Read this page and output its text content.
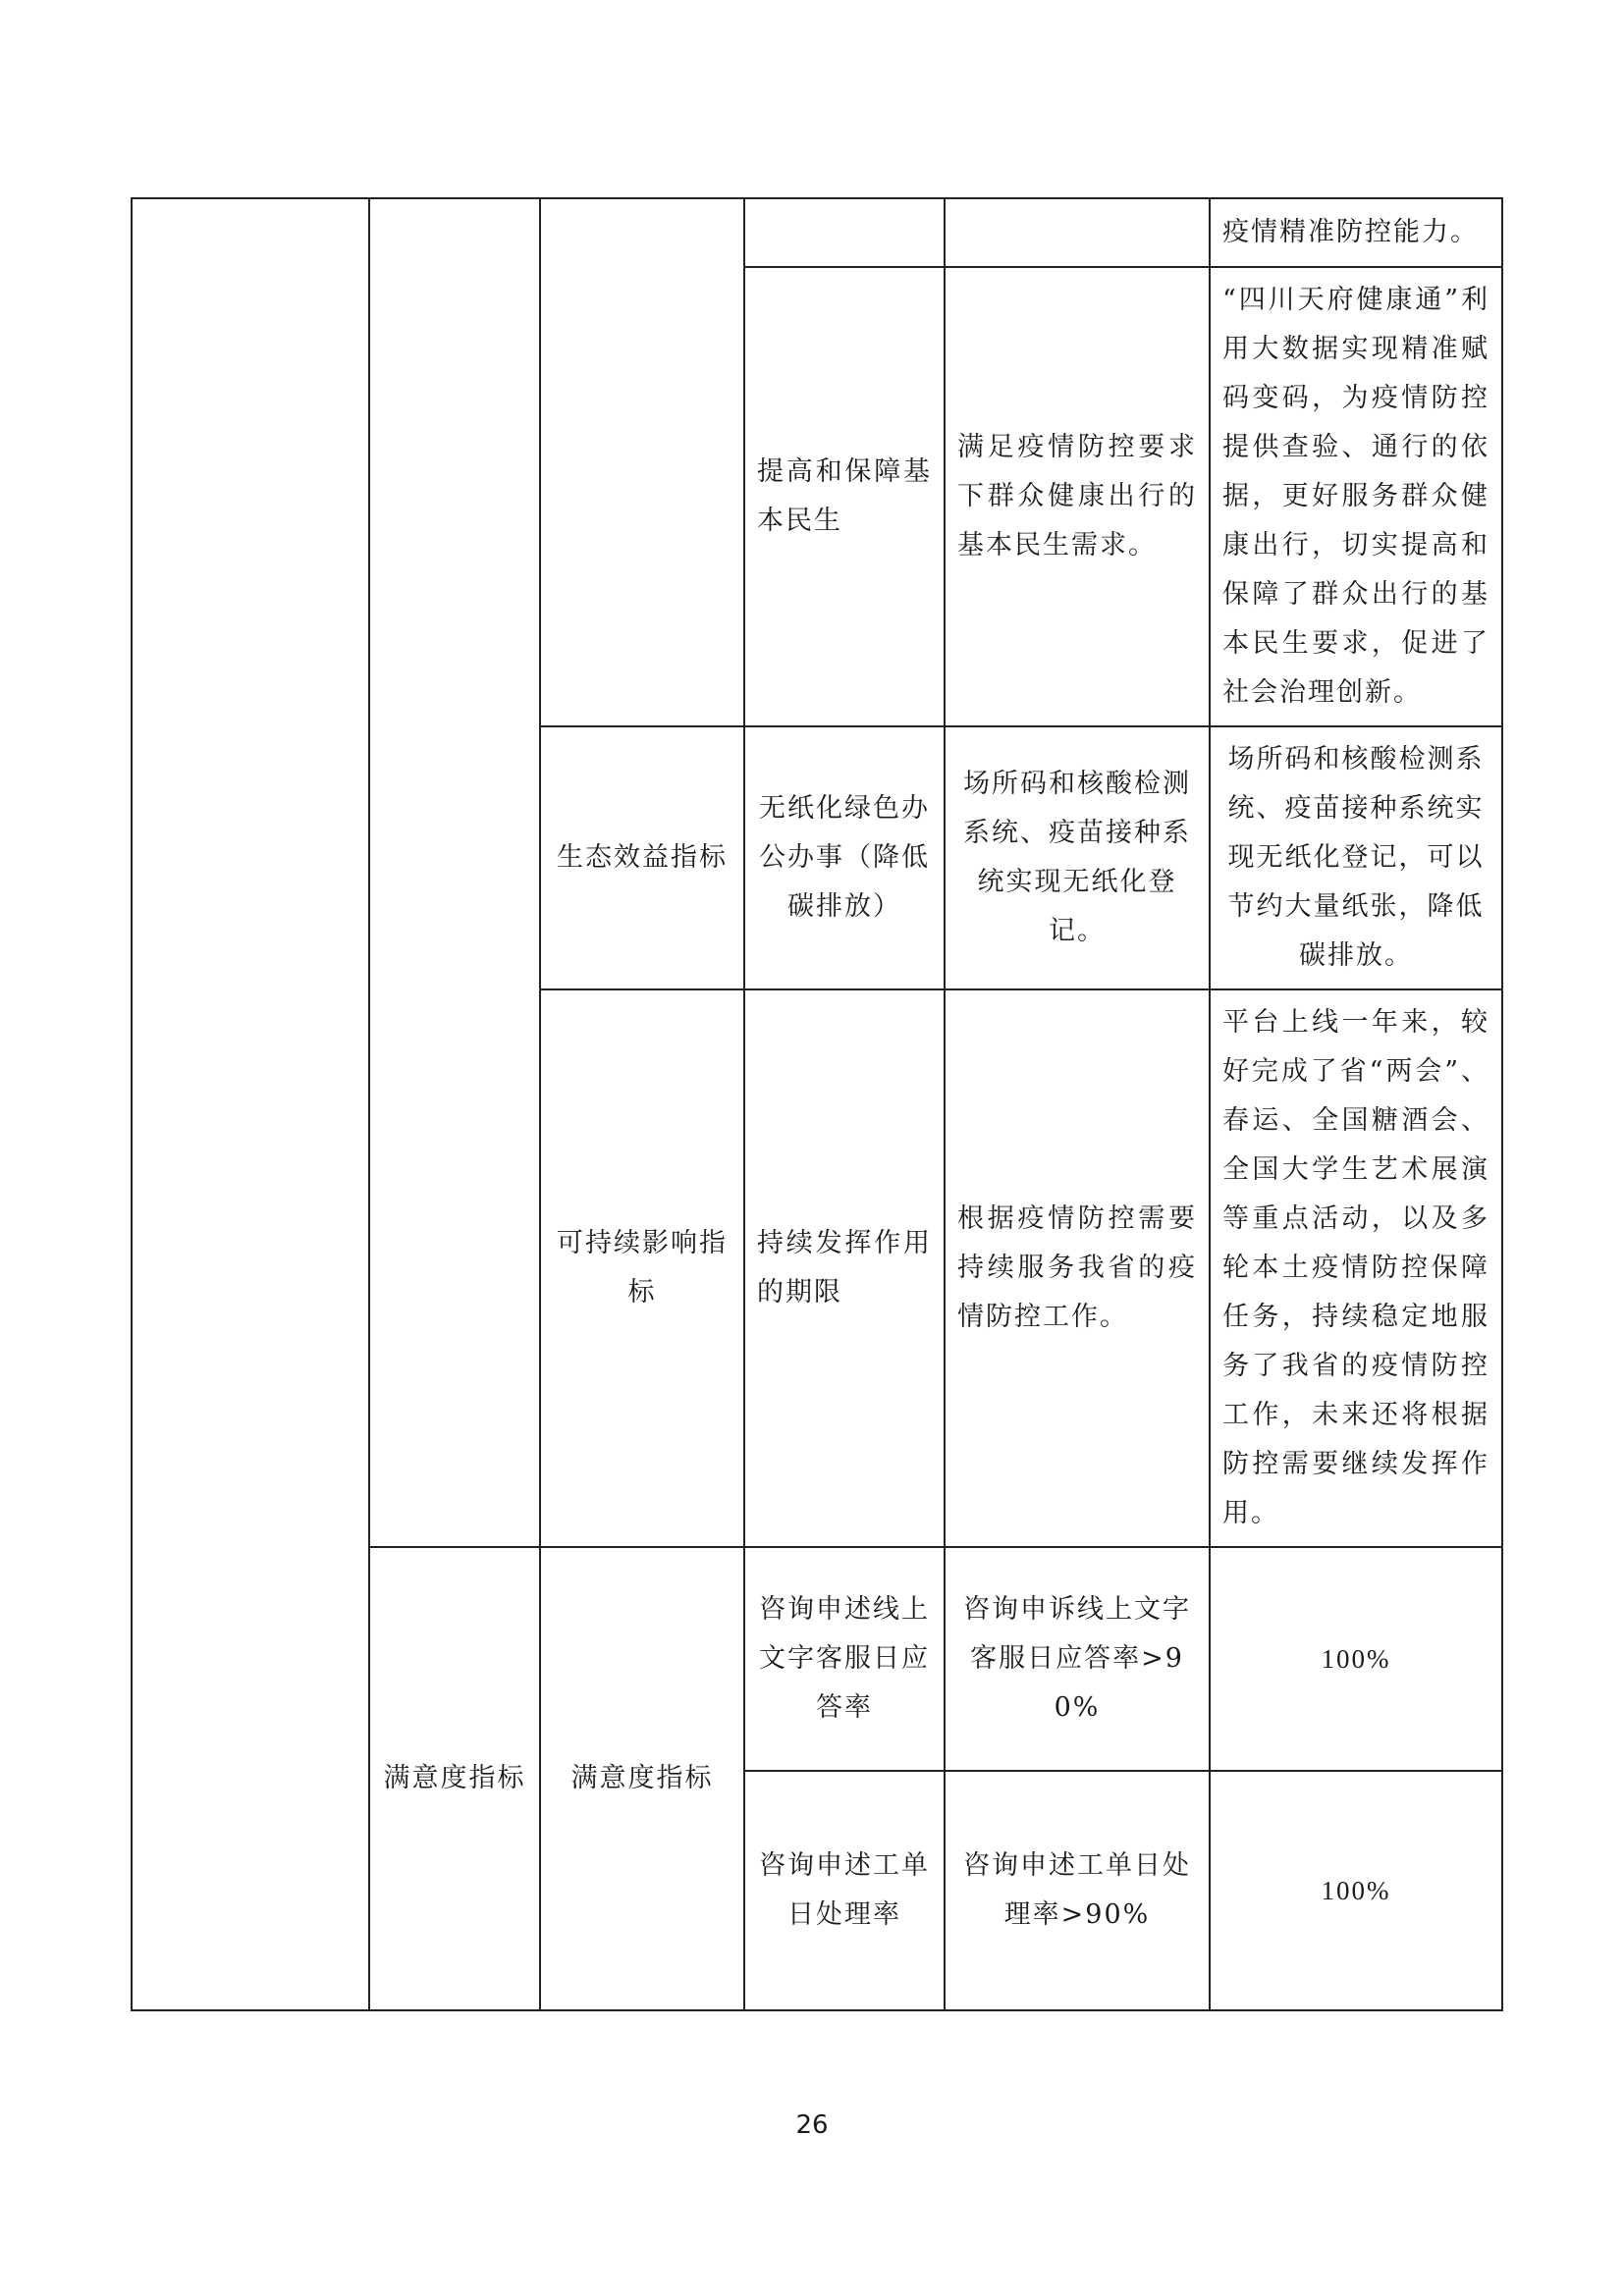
					疫情精准防控能力。
			提高和保障基本民生	满足疫情防控要求下群众健康出行的基本民生需求。	“四川天府健康通”利用大数据实现精准赋码变码，为疫情防控提供查验、通行的依据，更好服务群众健康出行，切实提高和保障了群众出行的基本民生要求，促进了社会治理创新。
		生态效益指标	无纸化绿色办公办事（降低碳排放）	场所码和核酸检测系统、疫苗接种系统实现无纸化登记。	场所码和核酸检测系统、疫苗接种系统实现无纸化登记，可以节约大量纸张，降低碳排放。
		可持续影响指标	持续发挥作用的期限	根据疫情防控需要持续服务我省的疫情防控工作。	平台上线一年来，较好完成了省“两会”、春运、全国糖酒会、全国大学生艺术展演等重点活动，以及多轮本土疫情防控保障任务，持续稳定地服务了我省的疫情防控工作，未来还将根据防控需要继续发挥作用。
	满意度指标	满意度指标	咨询申述线上文字客服日应答率	咨询申诉线上文字客服日应答率>90%	100%
			咨询申述工单日处理率	咨询申述工单日处理率>90%	100%
26
